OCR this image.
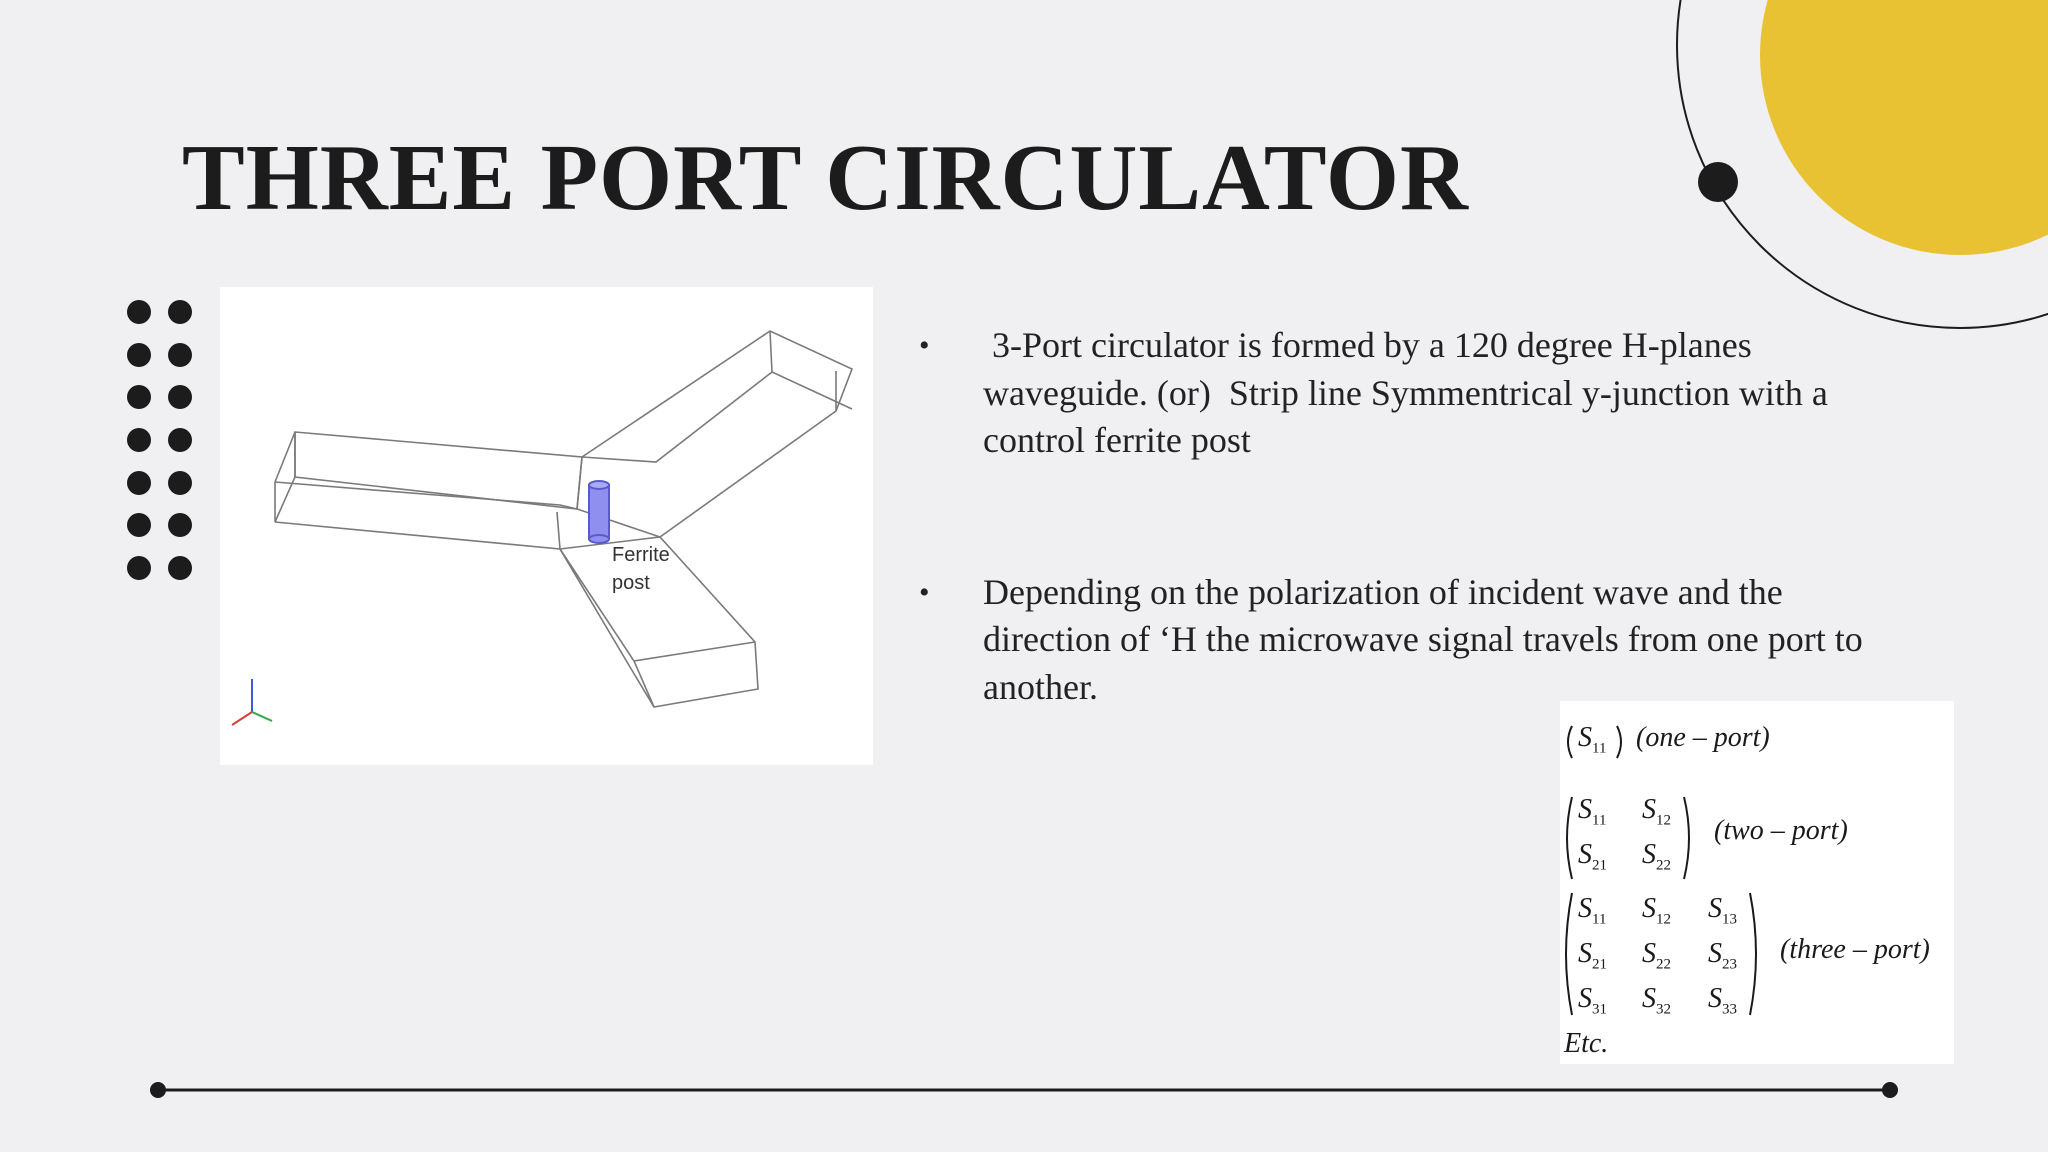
THREE PORT CIRCULATOR
Ferrite
post
• 3-Port circulator is formed by a 120 degree H-planes waveguide. (or)  Strip line Symmentrical y-junction with a control ferrite post
• Depending on the polarization of incident wave and the direction of ‘H the microwave signal travels from one port to another.
$S_{11}$ (one – port)
$S_{11}$ $S_{12}$
$S_{21}$ $S_{22}$
(two – port)
$S_{11}$ $S_{12}$ $S_{13}$
$S_{21}$ $S_{22}$ $S_{23}$
$S_{31}$ $S_{32}$ $S_{33}$
(three – port)
Etc.
